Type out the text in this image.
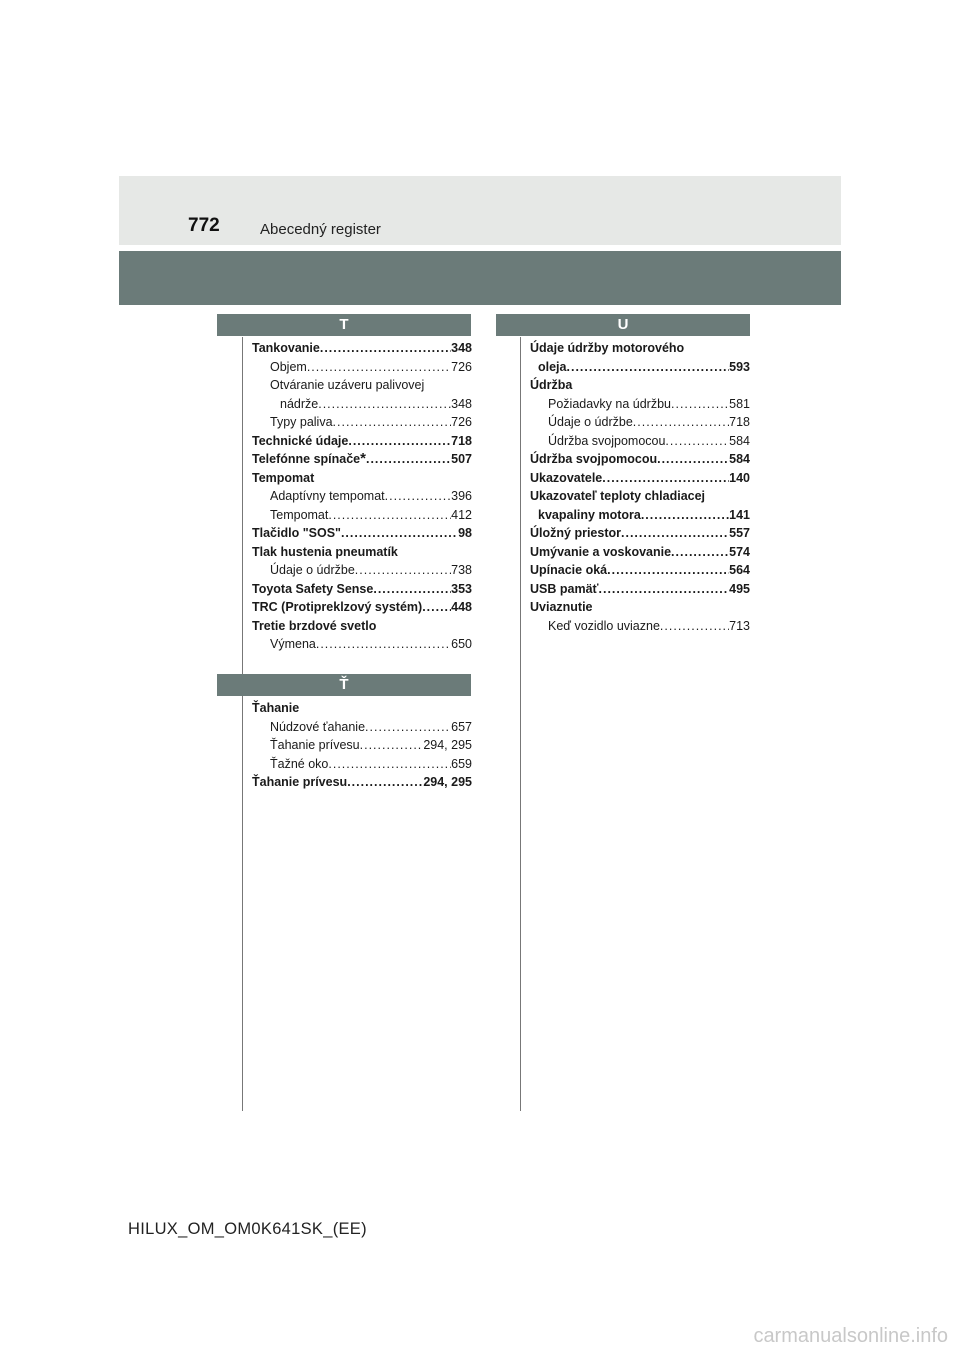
772	Abecedný register
T
Tankovanie .....	348
Objem .....	726
Otváranie uzáveru palivovej
nádrže .....	348
Typy paliva .....	726
Technické údaje .....	718
Telefónne spínače * .....	507
Tempomat
Adaptívny tempomat .....	396
Tempomat .....	412
Tlačidlo "SOS" .....	98
Tlak hustenia pneumatík
Údaje o údržbe .....	738
Toyota Safety Sense .....	353
TRC (Protipreklzový systém) ..... 448
Tretie brzdové svetlo
Výmena .....	650
Ť
Ťahanie
Núdzové ťahanie .....	657
Ťahanie prívesu .....	294, 295
Ťažné oko .....	659
Ťahanie prívesu .....	294, 295
U
Údaje údržby motorového
oleja .....	593
Údržba
Požiadavky na údržbu .....	581
Údaje o údržbe .....	718
Údržba svojpomocou .....	584
Údržba svojpomocou .....	584
Ukazovatele .....	140
Ukazovateľ teploty chladiacej
kvapaliny motora .....	141
Úložný priestor .....	557
Umývanie a voskovanie .....	574
Upínacie oká .....	564
USB pamäť .....	495
Uviaznutie
Keď vozidlo uviazne .....	713
HILUX_OM_OM0K641SK_(EE)
carmanualsonline.info
